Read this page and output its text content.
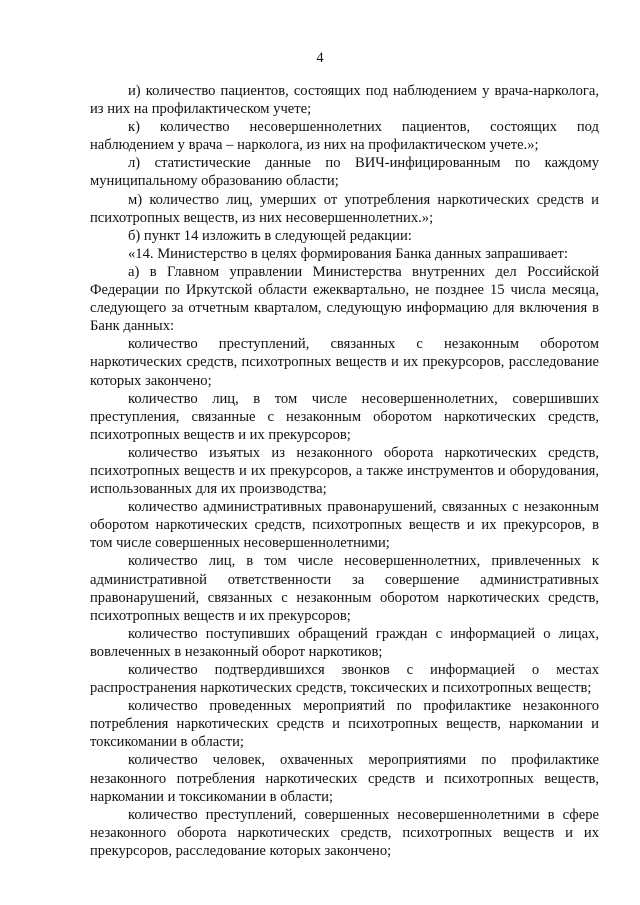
4

и) количество пациентов, состоящих под наблюдением у врача-нарколога, из них на профилактическом учете;

к) количество несовершеннолетних пациентов, состоящих под наблюдением у врача – нарколога, из них на профилактическом учете.»;

л) статистические данные по ВИЧ-инфицированным по каждому муниципальному образованию области;

м) количество лиц, умерших от употребления наркотических средств и психотропных веществ, из них несовершеннолетних.»;

б) пункт 14 изложить в следующей редакции:

«14. Министерство в целях формирования Банка данных запрашивает:

а) в Главном управлении Министерства внутренних дел Российской Федерации по Иркутской области ежеквартально, не позднее 15 числа месяца, следующего за отчетным кварталом, следующую информацию для включения в Банк данных:

количество преступлений, связанных с незаконным оборотом наркотических средств, психотропных веществ и их прекурсоров, расследование которых закончено;

количество лиц, в том числе несовершеннолетних, совершивших преступления, связанные с незаконным оборотом наркотических средств, психотропных веществ и их прекурсоров;

количество изъятых из незаконного оборота наркотических средств, психотропных веществ и их прекурсоров, а также инструментов и оборудования, использованных для их производства;

количество административных правонарушений, связанных с незаконным оборотом наркотических средств, психотропных веществ и их прекурсоров, в том числе совершенных несовершеннолетними;

количество лиц, в том числе несовершеннолетних, привлеченных к административной ответственности за совершение административных правонарушений, связанных с незаконным оборотом наркотических средств, психотропных веществ и их прекурсоров;

количество поступивших обращений граждан с информацией о лицах, вовлеченных в незаконный оборот наркотиков;

количество подтвердившихся звонков с информацией о местах распространения наркотических средств, токсических и психотропных веществ;

количество проведенных мероприятий по профилактике незаконного потребления наркотических средств и психотропных веществ, наркомании и токсикомании в области;

количество человек, охваченных мероприятиями по профилактике незаконного потребления наркотических средств и психотропных веществ, наркомании и токсикомании в области;

количество преступлений, совершенных несовершеннолетними в сфере незаконного оборота наркотических средств, психотропных веществ и их прекурсоров, расследование которых закончено;
